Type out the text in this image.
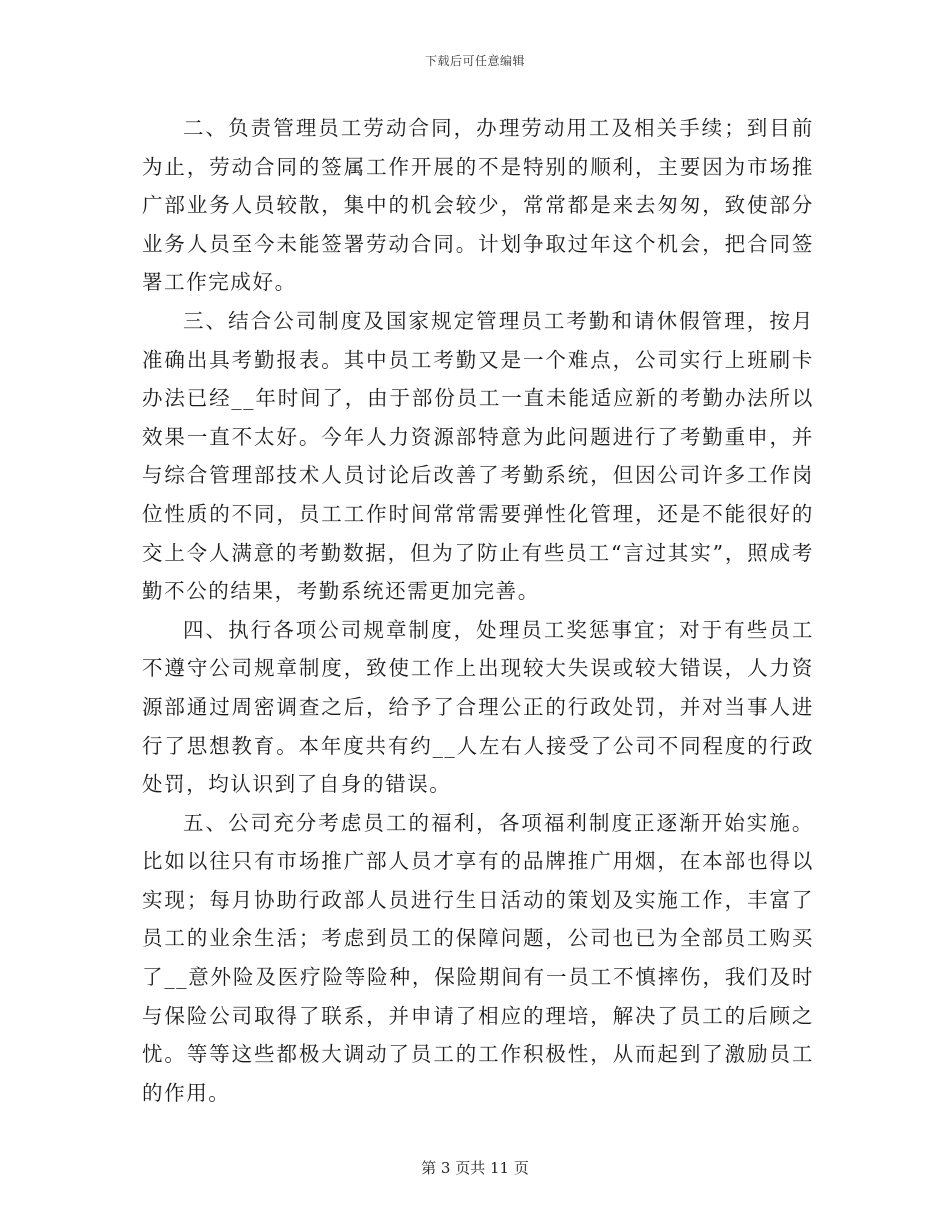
下载后可任意编辑

二、负责管理员工劳动合同，办理劳动用工及相关手续；到目前为止，劳动合同的签属工作开展的不是特别的顺利，主要因为市场推广部业务人员较散，集中的机会较少，常常都是来去匆匆，致使部分业务人员至今未能签署劳动合同。计划争取过年这个机会，把合同签署工作完成好。

三、结合公司制度及国家规定管理员工考勤和请休假管理，按月准确出具考勤报表。其中员工考勤又是一个难点，公司实行上班刷卡办法已经__年时间了，由于部份员工一直未能适应新的考勤办法所以效果一直不太好。今年人力资源部特意为此问题进行了考勤重申，并与综合管理部技术人员讨论后改善了考勤系统，但因公司许多工作岗位性质的不同，员工工作时间常常需要弹性化管理，还是不能很好的交上令人满意的考勤数据，但为了防止有些员工“言过其实”，照成考勤不公的结果，考勤系统还需更加完善。

四、执行各项公司规章制度，处理员工奖惩事宜；对于有些员工不遵守公司规章制度，致使工作上出现较大失误或较大错误，人力资源部通过周密调查之后，给予了合理公正的行政处罚，并对当事人进行了思想教育。本年度共有约__人左右人接受了公司不同程度的行政处罚，均认识到了自身的错误。

五、公司充分考虑员工的福利，各项福利制度正逐渐开始实施。比如以往只有市场推广部人员才享有的品牌推广用烟，在本部也得以实现；每月协助行政部人员进行生日活动的策划及实施工作，丰富了员工的业余生活；考虑到员工的保障问题，公司也已为全部员工购买了__意外险及医疗险等险种，保险期间有一员工不慎摔伤，我们及时与保险公司取得了联系，并申请了相应的理培，解决了员工的后顾之忧。等等这些都极大调动了员工的工作积极性，从而起到了激励员工的作用。

第 3 页共 11 页
